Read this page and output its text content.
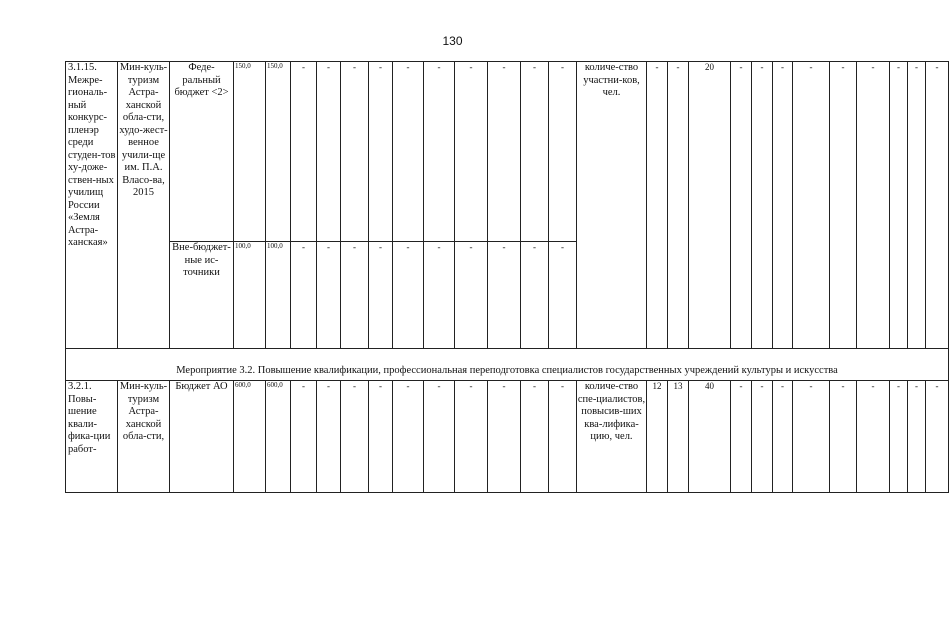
130
3.1.15. Межре-гиональ-ный конкурс-пленэр среди студен-тов ху-доже-ствен-ных училищ России «Земля Астра-ханская»	Мин-куль-туризм Астра-ханской обла-сти, худо-жест-венное учили-ще им. П.А. Власо-ва, 2015	Феде-ральный бюджет <2>	150,0	150,0	-	-	-	-	-	-	-	-	-	-	количе-ство участни-ков, чел.	-	-	20	-	-	-	-	-	-	-	-	-
		Вне-бюджет-ные ис-точники	100,0	100,0	-	-	-	-	-	-	-	-	-	-													
Мероприятие 3.2. Повышение квалификации, профессиональная переподготовка специалистов государственных учреждений культуры и искусства																											
3.2.1. Повы-шение квали-фика-ции работ-	Мин-куль-туризм Астра-ханской обла-сти,	Бюджет АО	600,0	600,0	-	-	-	-	-	-	-	-	-	-	количе-ство спе-циалистов, повысив-ших ква-лифика-цию, чел.	12	13	40	-	-	-	-	-	-	-	-	-
